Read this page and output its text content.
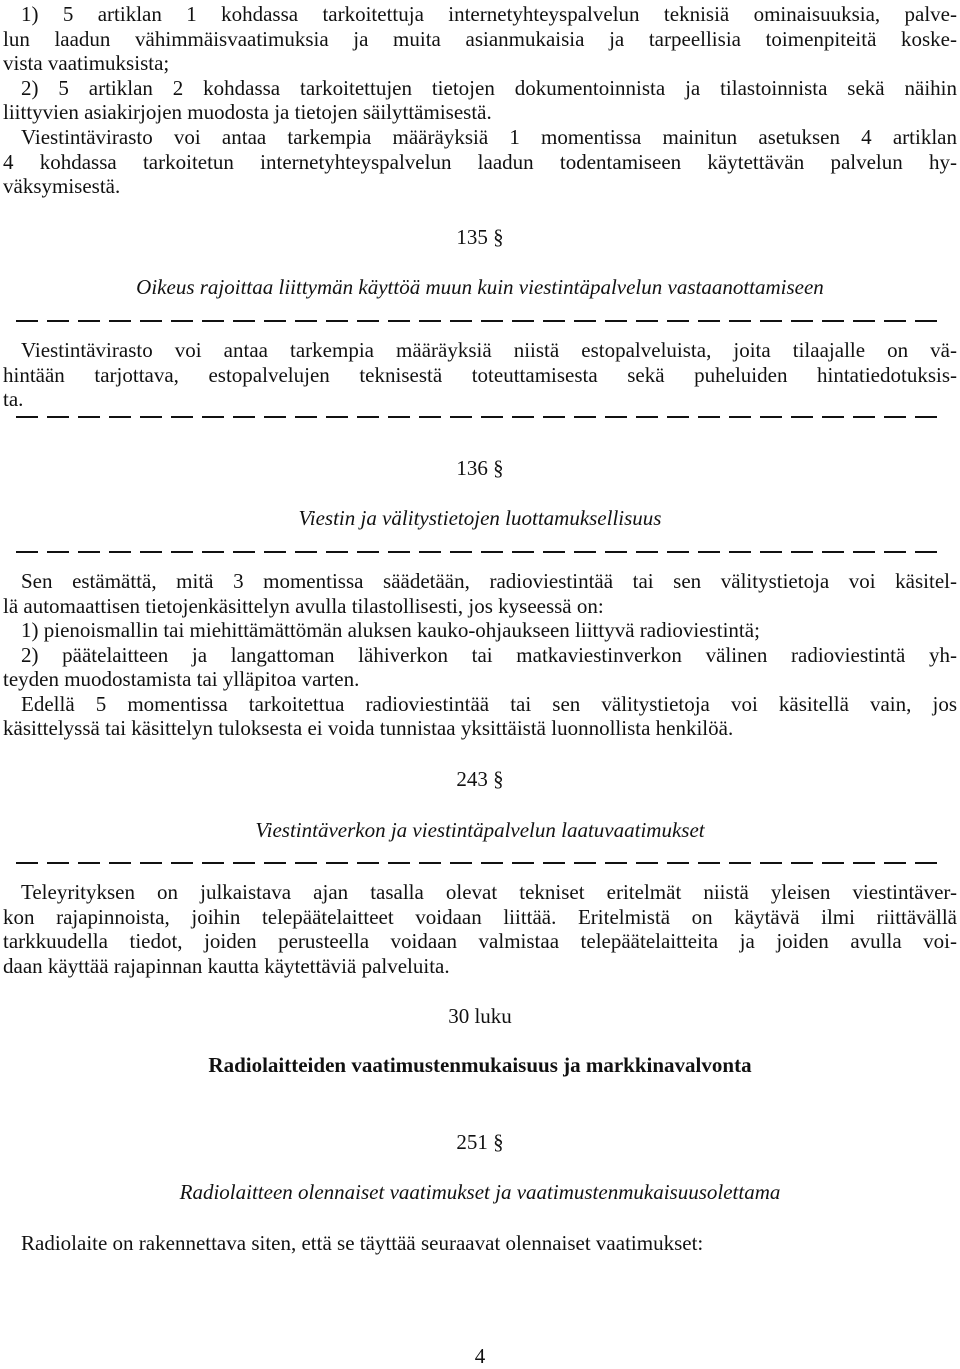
1) 5 artiklan 1 kohdassa tarkoitettuja internetyhteyspalvelun teknisiä ominaisuuksia, palve-
lun laadun vähimmäisvaatimuksia ja muita asianmukaisia ja tarpeellisia toimenpiteitä koske-
vista vaatimuksista;
2) 5 artiklan 2 kohdassa tarkoitettujen tietojen dokumentoinnista ja tilastoinnista sekä näihin
liittyvien asiakirjojen muodosta ja tietojen säilyttämisestä.
Viestintävirasto voi antaa tarkempia määräyksiä 1 momentissa mainitun asetuksen 4 artiklan
4 kohdassa tarkoitetun internetyhteyspalvelun laadun todentamiseen käytettävän palvelun hy-
väksymisestä.
135 §
Oikeus rajoittaa liittymän käyttöä muun kuin viestintäpalvelun vastaanottamiseen
Viestintävirasto voi antaa tarkempia määräyksiä niistä estopalveluista, joita tilaajalle on vä-
hintään tarjottava, estopalvelujen teknisestä toteuttamisesta sekä puheluiden hintatiedotuksis-
ta.
136 §
Viestin ja välitystietojen luottamuksellisuus
Sen estämättä, mitä 3 momentissa säädetään, radioviestintää tai sen välitystietoja voi käsitel-
lä automaattisen tietojenkäsittelyn avulla tilastollisesti, jos kyseessä on:
1) pienoismallin tai miehittämättömän aluksen kauko-ohjaukseen liittyvä radioviestintä;
2) päätelaitteen ja langattoman lähiverkon tai matkaviestinverkon välinen radioviestintä yh-
teyden muodostamista tai ylläpitoa varten.
Edellä 5 momentissa tarkoitettua radioviestintää tai sen välitystietoja voi käsitellä vain, jos
käsittelyssä tai käsittelyn tuloksesta ei voida tunnistaa yksittäistä luonnollista henkilöä.
243 §
Viestintäverkon ja viestintäpalvelun laatuvaatimukset
Teleyrityksen on julkaistava ajan tasalla olevat tekniset eritelmät niistä yleisen viestintäver-
kon rajapinnoista, joihin telepäätelaitteet voidaan liittää. Eritelmistä on käytävä ilmi riittävällä
tarkkuudella tiedot, joiden perusteella voidaan valmistaa telepäätelaitteita ja joiden avulla voi-
daan käyttää rajapinnan kautta käytettäviä palveluita.
30 luku
Radiolaitteiden vaatimustenmukaisuus ja markkinavalvonta
251 §
Radiolaitteen olennaiset vaatimukset ja vaatimustenmukaisuusolettama
Radiolaite on rakennettava siten, että se täyttää seuraavat olennaiset vaatimukset:
4
